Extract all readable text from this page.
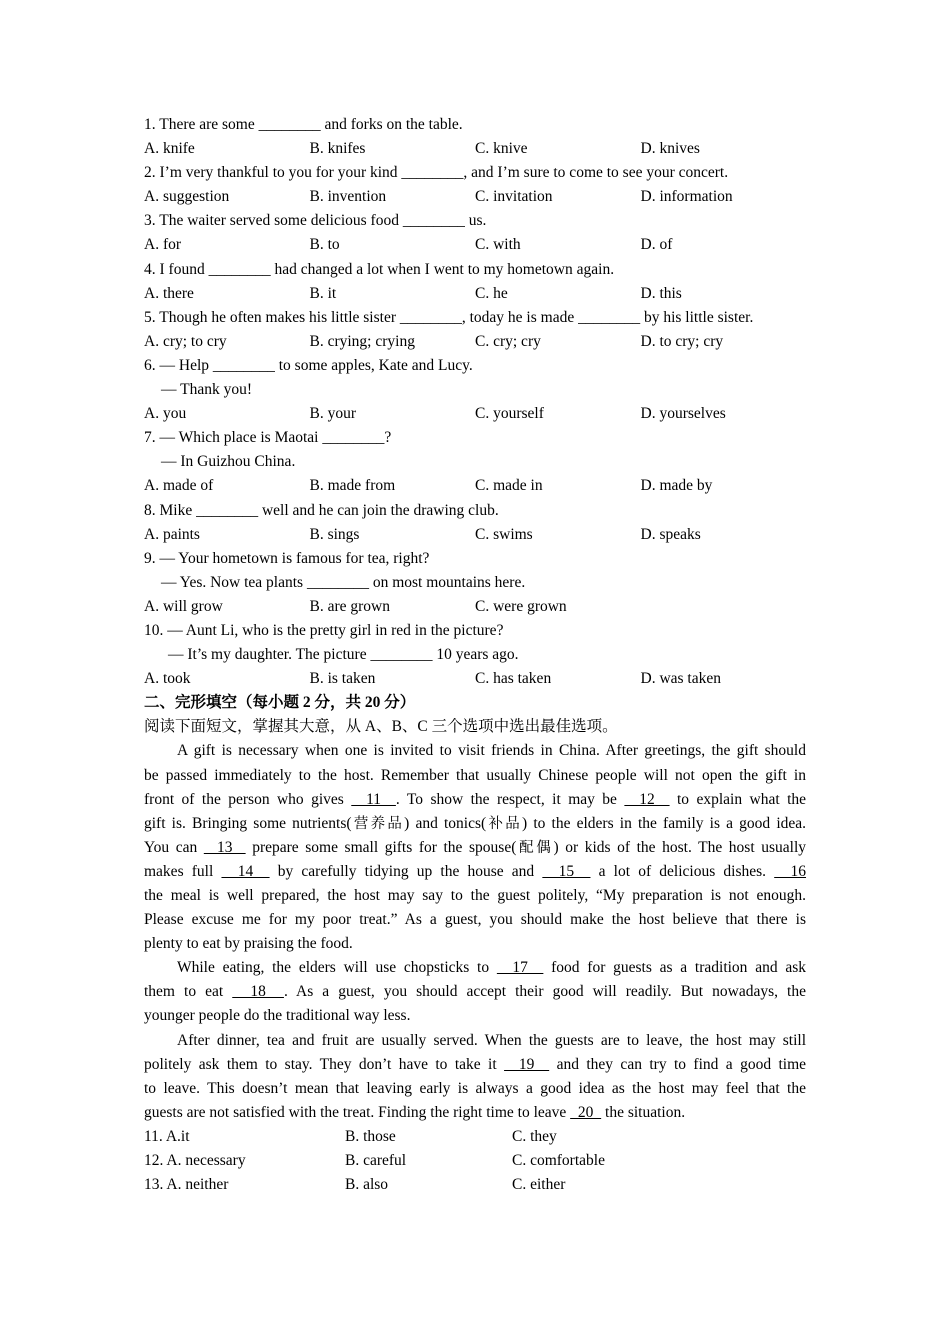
1. There are some ________ and forks on the table.
A. knife	B. knifes	C. knive	D. knives
2. I’m very thankful to you for your kind ________, and I’m sure to come to see your concert.
A. suggestion	B. invention	C. invitation	D. information
3. The waiter served some delicious food ________ us.
A. for	B. to	C. with	D. of
4. I found ________ had changed a lot when I went to my hometown again.
A. there	B. it	C. he	D. this
5. Though he often makes his little sister ________, today he is made ________ by his little sister.
A. cry; to cry	B. crying; crying	C. cry; cry	D. to cry; cry
6. — Help ________ to some apples, Kate and Lucy.
— Thank you!
A. you	B. your	C. yourself	D. yourselves
7. — Which place is Maotai ________?
— In Guizhou China.
A. made of	B. made from	C. made in	D. made by
8. Mike ________ well and he can join the drawing club.
A. paints	B. sings	C. swims	D. speaks
9. — Your hometown is famous for tea, right?
— Yes. Now tea plants ________ on most mountains here.
A. will grow	B. are grown	C. were grown
10. — Aunt Li, who is the pretty girl in red in the picture?
— It’s my daughter. The picture ________ 10 years ago.
A. took	B. is taken	C. has taken	D. was taken
二、完形填空（每小题 2 分，共 20 分）
阅读下面短文，掌握其大意，从 A、B、C 三个选项中选出最佳选项。
A gift is necessary when one is invited to visit friends in China. After greetings, the gift should
be passed immediately to the host. Remember that usually Chinese people will not open the gift in
front of the person who gives   11  . To show the respect, it may be   12   to explain what the
gift is. Bringing some nutrients(营养品) and tonics(补品) to the elders in the family is a good idea.
You can   13   prepare some small gifts for the spouse(配偶) or kids of the host. The host usually
makes full   14   by carefully tidying up the house and   15   a lot of delicious dishes.   16
the meal is well prepared, the host may say to the guest politely, “My preparation is not enough.
Please excuse me for my poor treat.” As a guest, you should make the host believe that there is
plenty to eat by praising the food.
While eating, the elders will use chopsticks to   17   food for guests as a tradition and ask
them to eat   18  . As a guest, you should accept their good will readily. But nowadays, the
younger people do the traditional way less.
After dinner, tea and fruit are usually served. When the guests are to leave, the host may still
politely ask them to stay. They don’t have to take it   19   and they can try to find a good time
to leave. This doesn’t mean that leaving early is always a good idea as the host may feel that the
guests are not satisfied with the treat. Finding the right time to leave   20   the situation.
11. A.it	B. those	C. they
12. A. necessary	B. careful	C. comfortable
13. A. neither	B. also	C. either
